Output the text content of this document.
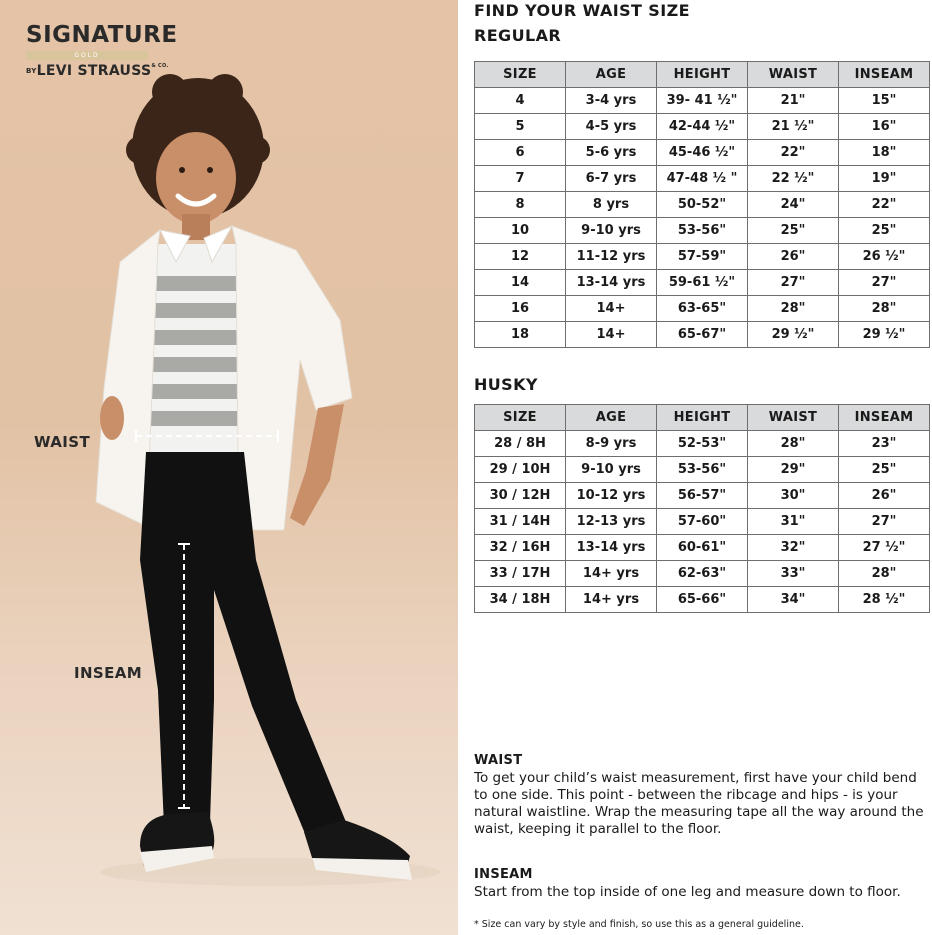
SIGNATURE
GOLD
BYLEVI $STRAUSS^{\& CO.}$
WAIST
INSEAM
FIND YOUR WAIST SIZE
REGULAR
SIZE	AGE	HEIGHT	WAIST	INSEAM
4	3-4 yrs	39- 41 ½"	21"	15"
5	4-5 yrs	42-44 ½"	21 ½"	16"
6	5-6 yrs	45-46 ½"	22"	18"
7	6-7 yrs	47-48 ½ "	22 ½"	19"
8	8 yrs	50-52"	24"	22"
10	9-10 yrs	53-56"	25"	25"
12	11-12 yrs	57-59"	26"	26 ½"
14	13-14 yrs	59-61 ½"	27"	27"
16	14+	63-65"	28"	28"
18	14+	65-67"	29 ½"	29 ½"
HUSKY
SIZE	AGE	HEIGHT	WAIST	INSEAM
28 / 8H	8-9 yrs	52-53"	28"	23"
29 / 10H	9-10 yrs	53-56"	29"	25"
30 / 12H	10-12 yrs	56-57"	30"	26"
31 / 14H	12-13 yrs	57-60"	31"	27"
32 / 16H	13-14 yrs	60-61"	32"	27 ½"
33 / 17H	14+ yrs	62-63"	33"	28"
34 / 18H	14+ yrs	65-66"	34"	28 ½"
WAIST
To get your child’s waist measurement, first have your child bend to one side. This point - between the ribcage and hips - is your natural waistline. Wrap the measuring tape all the way around the waist, keeping it parallel to the floor.
INSEAM
Start from the top inside of one leg and measure down to floor.
* Size can vary by style and finish, so use this as a general guideline.
